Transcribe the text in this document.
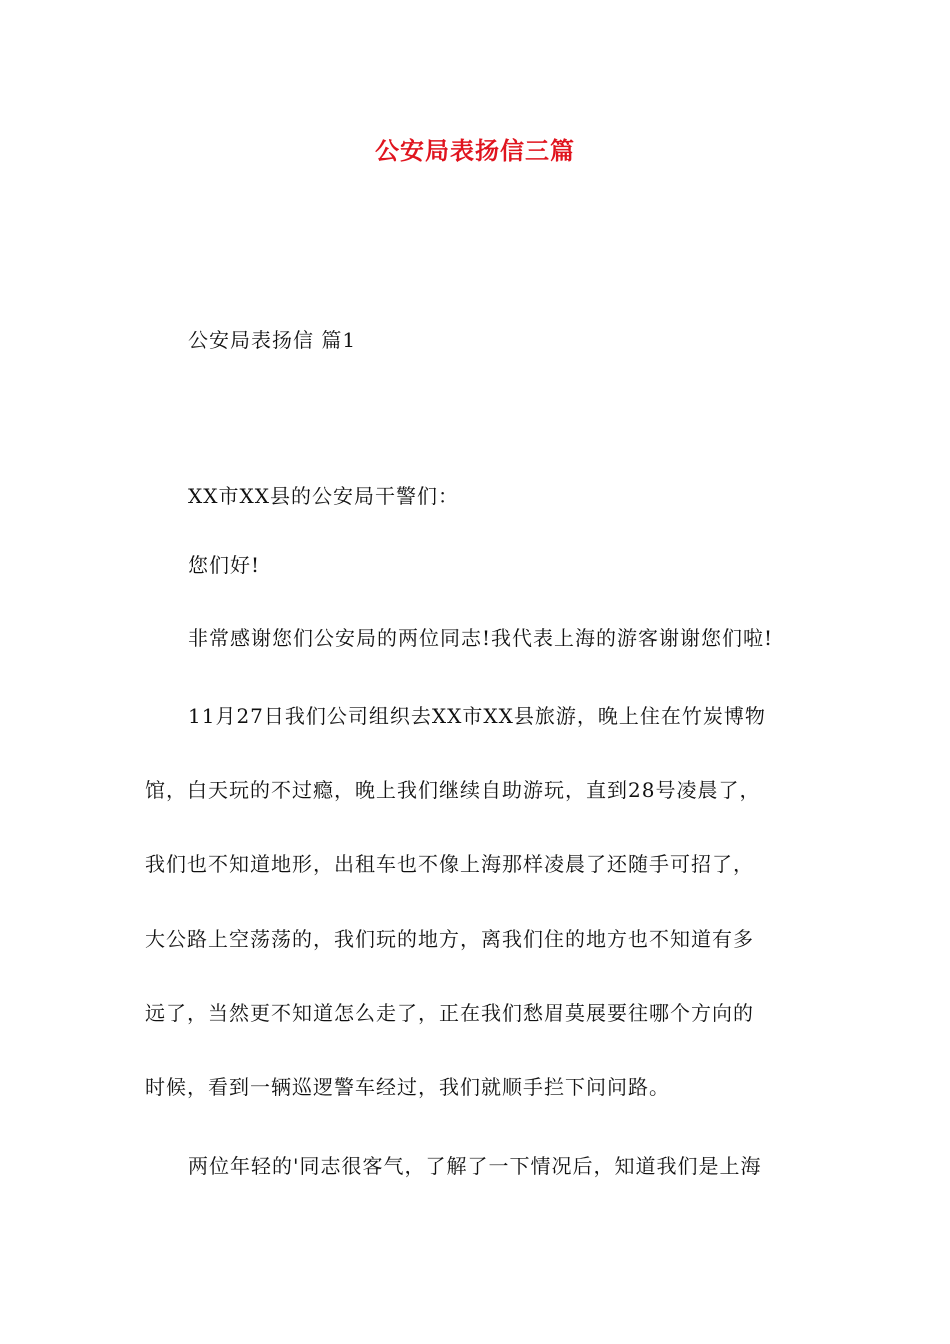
公安局表扬信三篇
公安局表扬信 篇1
XX市XX县的公安局干警们：
您们好!
非常感谢您们公安局的两位同志!我代表上海的游客谢谢您们啦!
11月27日我们公司组织去XX市XX县旅游，晚上住在竹炭博物
馆，白天玩的不过瘾，晚上我们继续自助游玩，直到28号凌晨了，
我们也不知道地形，出租车也不像上海那样凌晨了还随手可招了，
大公路上空荡荡的，我们玩的地方，离我们住的地方也不知道有多
远了，当然更不知道怎么走了，正在我们愁眉莫展要往哪个方向的
时候，看到一辆巡逻警车经过，我们就顺手拦下问问路。
两位年轻的'同志很客气，了解了一下情况后，知道我们是上海
